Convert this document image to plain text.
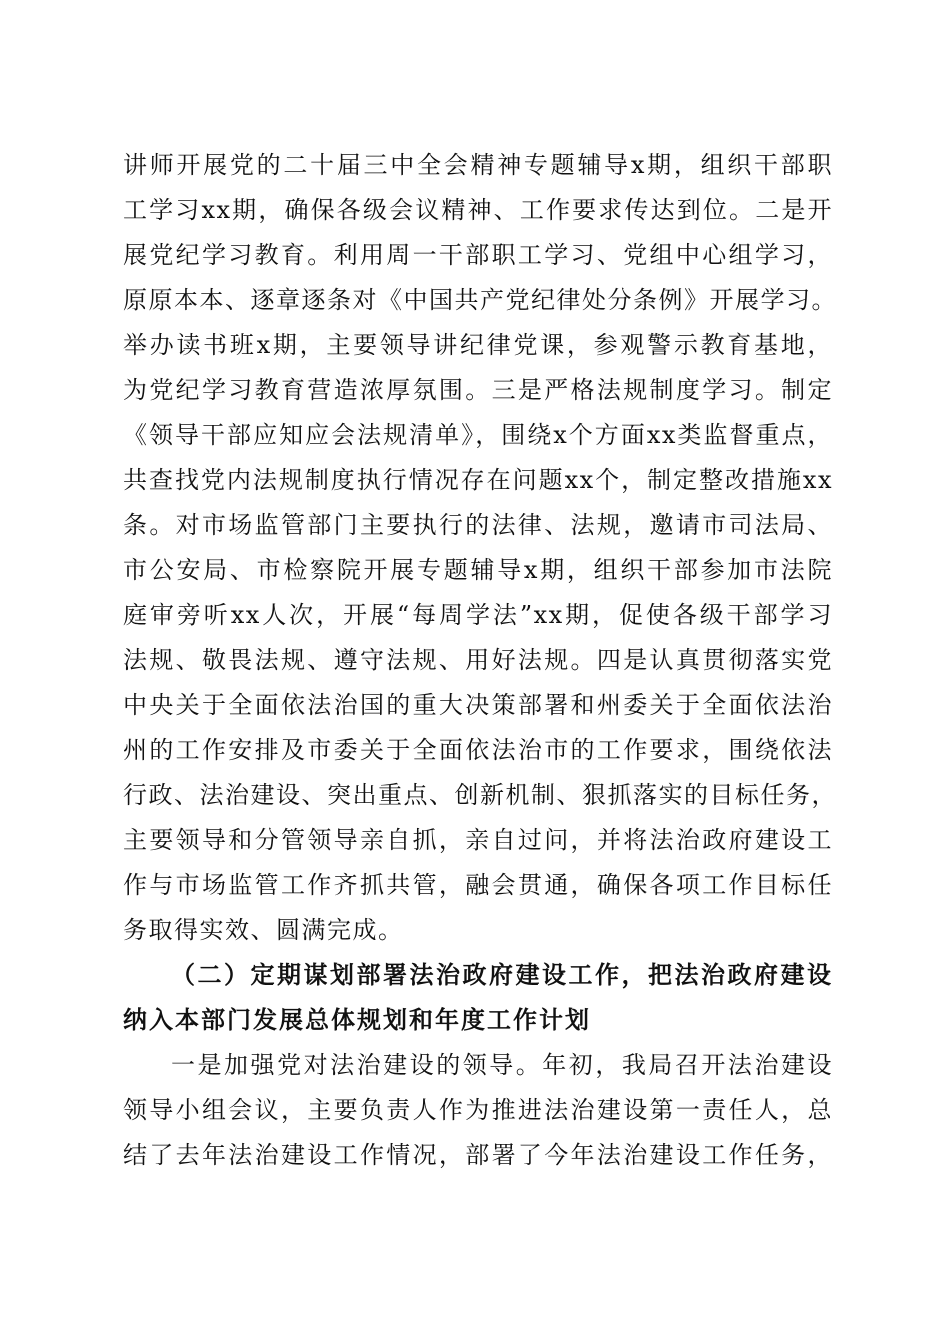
讲师开展党的二十届三中全会精神专题辅导x期，组织干部职
工学习xx期，确保各级会议精神、工作要求传达到位。二是开
展党纪学习教育。利用周一干部职工学习、党组中心组学习，
原原本本、逐章逐条对《中国共产党纪律处分条例》开展学习。
举办读书班x期，主要领导讲纪律党课，参观警示教育基地，
为党纪学习教育营造浓厚氛围。三是严格法规制度学习。制定
《领导干部应知应会法规清单》，围绕x个方面xx类监督重点，
共查找党内法规制度执行情况存在问题xx个，制定整改措施xx
条。对市场监管部门主要执行的法律、法规，邀请市司法局、
市公安局、市检察院开展专题辅导x期，组织干部参加市法院
庭审旁听xx人次，开展“每周学法”xx期，促使各级干部学习
法规、敬畏法规、遵守法规、用好法规。四是认真贯彻落实党
中央关于全面依法治国的重大决策部署和州委关于全面依法治
州的工作安排及市委关于全面依法治市的工作要求，围绕依法
行政、法治建设、突出重点、创新机制、狠抓落实的目标任务，
主要领导和分管领导亲自抓，亲自过问，并将法治政府建设工
作与市场监管工作齐抓共管，融会贯通，确保各项工作目标任
务取得实效、圆满完成。
（二）定期谋划部署法治政府建设工作，把法治政府建设
纳入本部门发展总体规划和年度工作计划
一是加强党对法治建设的领导。年初，我局召开法治建设
领导小组会议，主要负责人作为推进法治建设第一责任人，总
结了去年法治建设工作情况，部署了今年法治建设工作任务，
